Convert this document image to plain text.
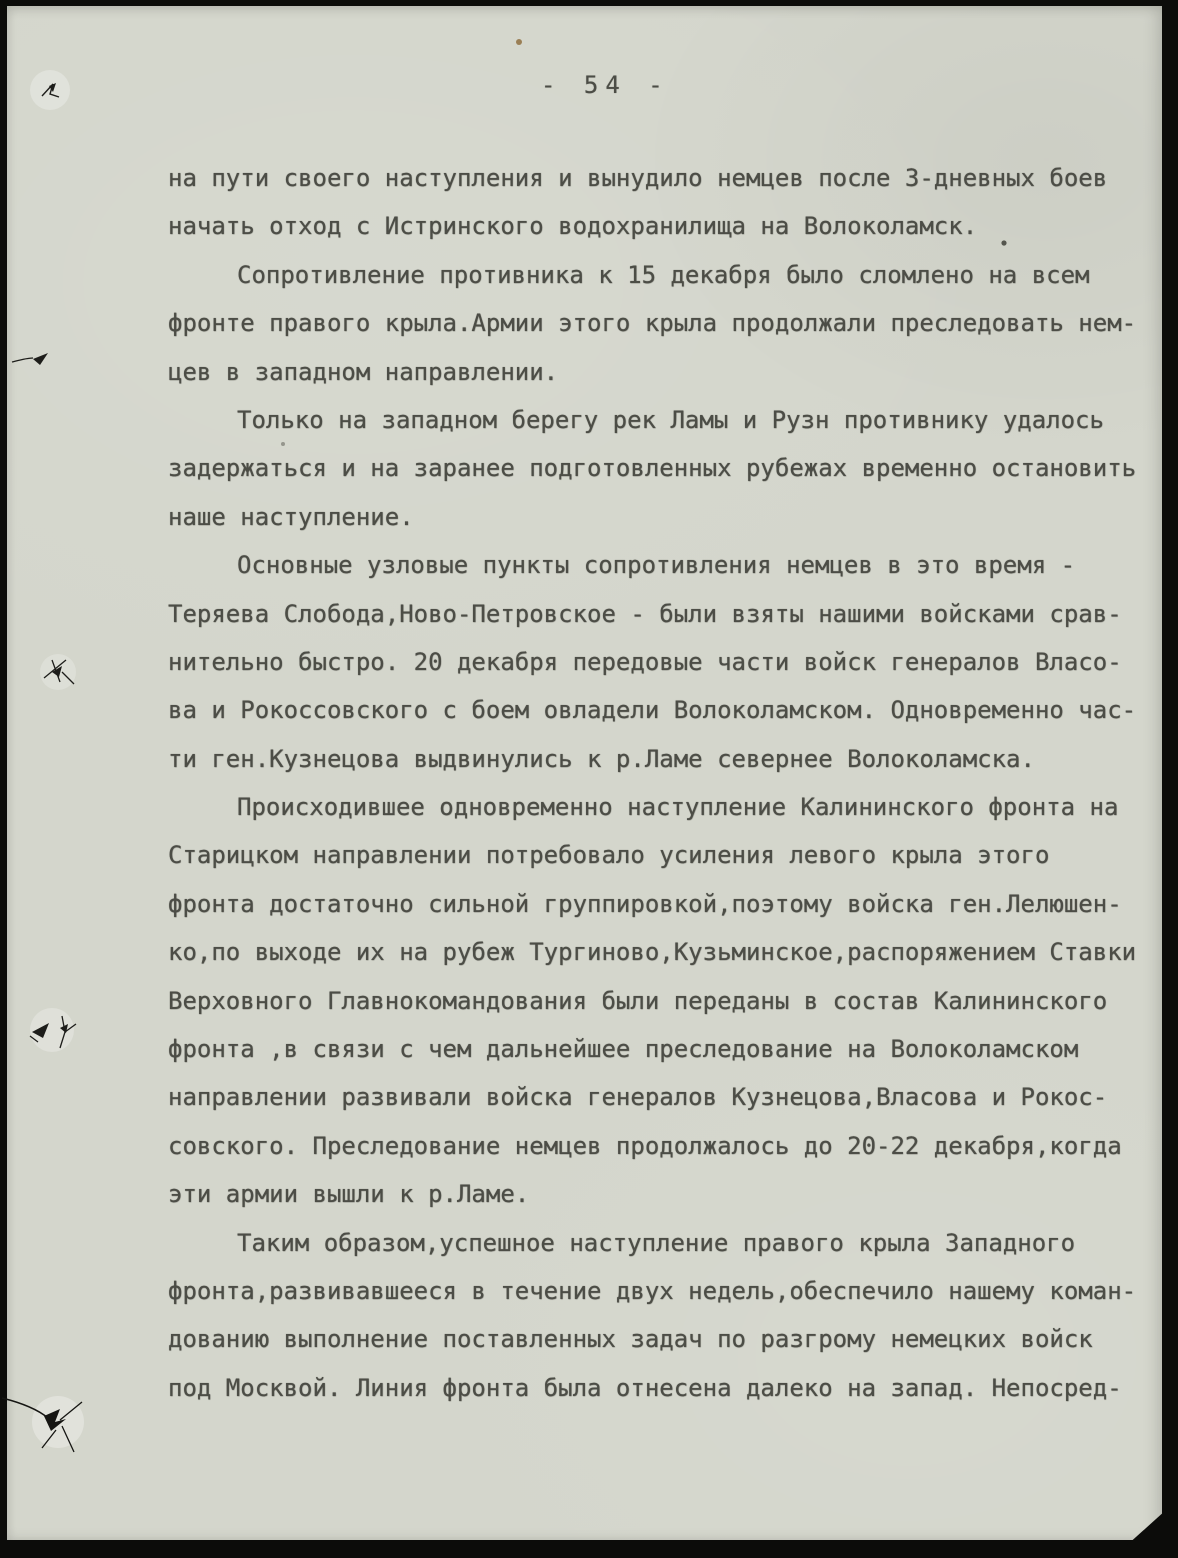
- 54 -
на пути своего наступления и вынудило немцев после 3-дневных боев
начать отход с Истринского водохранилища на Волоколамск.
Сопротивление противника к 15 декабря было сломлено на всем
фронте правого крыла.Армии этого крыла продолжали преследовать нем-
цев в западном направлении.
Только на западном берегу рек Ламы и Рузн противнику удалось
задержаться и на заранее подготовленных рубежах временно остановить
наше наступление.
Основные узловые пункты сопротивления немцев в это время -
Теряева Слобода,Ново-Петровское - были взяты нашими войсками срав-
нительно быстро. 20 декабря передовые части войск генералов Власо-
ва и Рокоссовского с боем овладели Волоколамском. Одновременно час-
ти ген.Кузнецова выдвинулись к р.Ламе севернее Волоколамска.
Происходившее одновременно наступление Калининского фронта на
Старицком направлении потребовало усиления левого крыла этого
фронта достаточно сильной группировкой,поэтому войска ген.Лелюшен-
ко,по выходе их на рубеж Тургиново,Кузьминское,распоряжением Ставки
Верховного Главнокомандования были переданы в состав Калининского
фронта ,в связи с чем дальнейшее преследование на Волоколамском
направлении развивали войска генералов Кузнецова,Власова и Рокос-
совского. Преследование немцев продолжалось до 20-22 декабря,когда
эти армии вышли к р.Ламе.
Таким образом,успешное наступление правого крыла Западного
фронта,развивавшееся в течение двух недель,обеспечило нашему коман-
дованию выполнение поставленных задач по разгрому немецких войск
под Москвой. Линия фронта была отнесена далеко на запад. Непосред-
